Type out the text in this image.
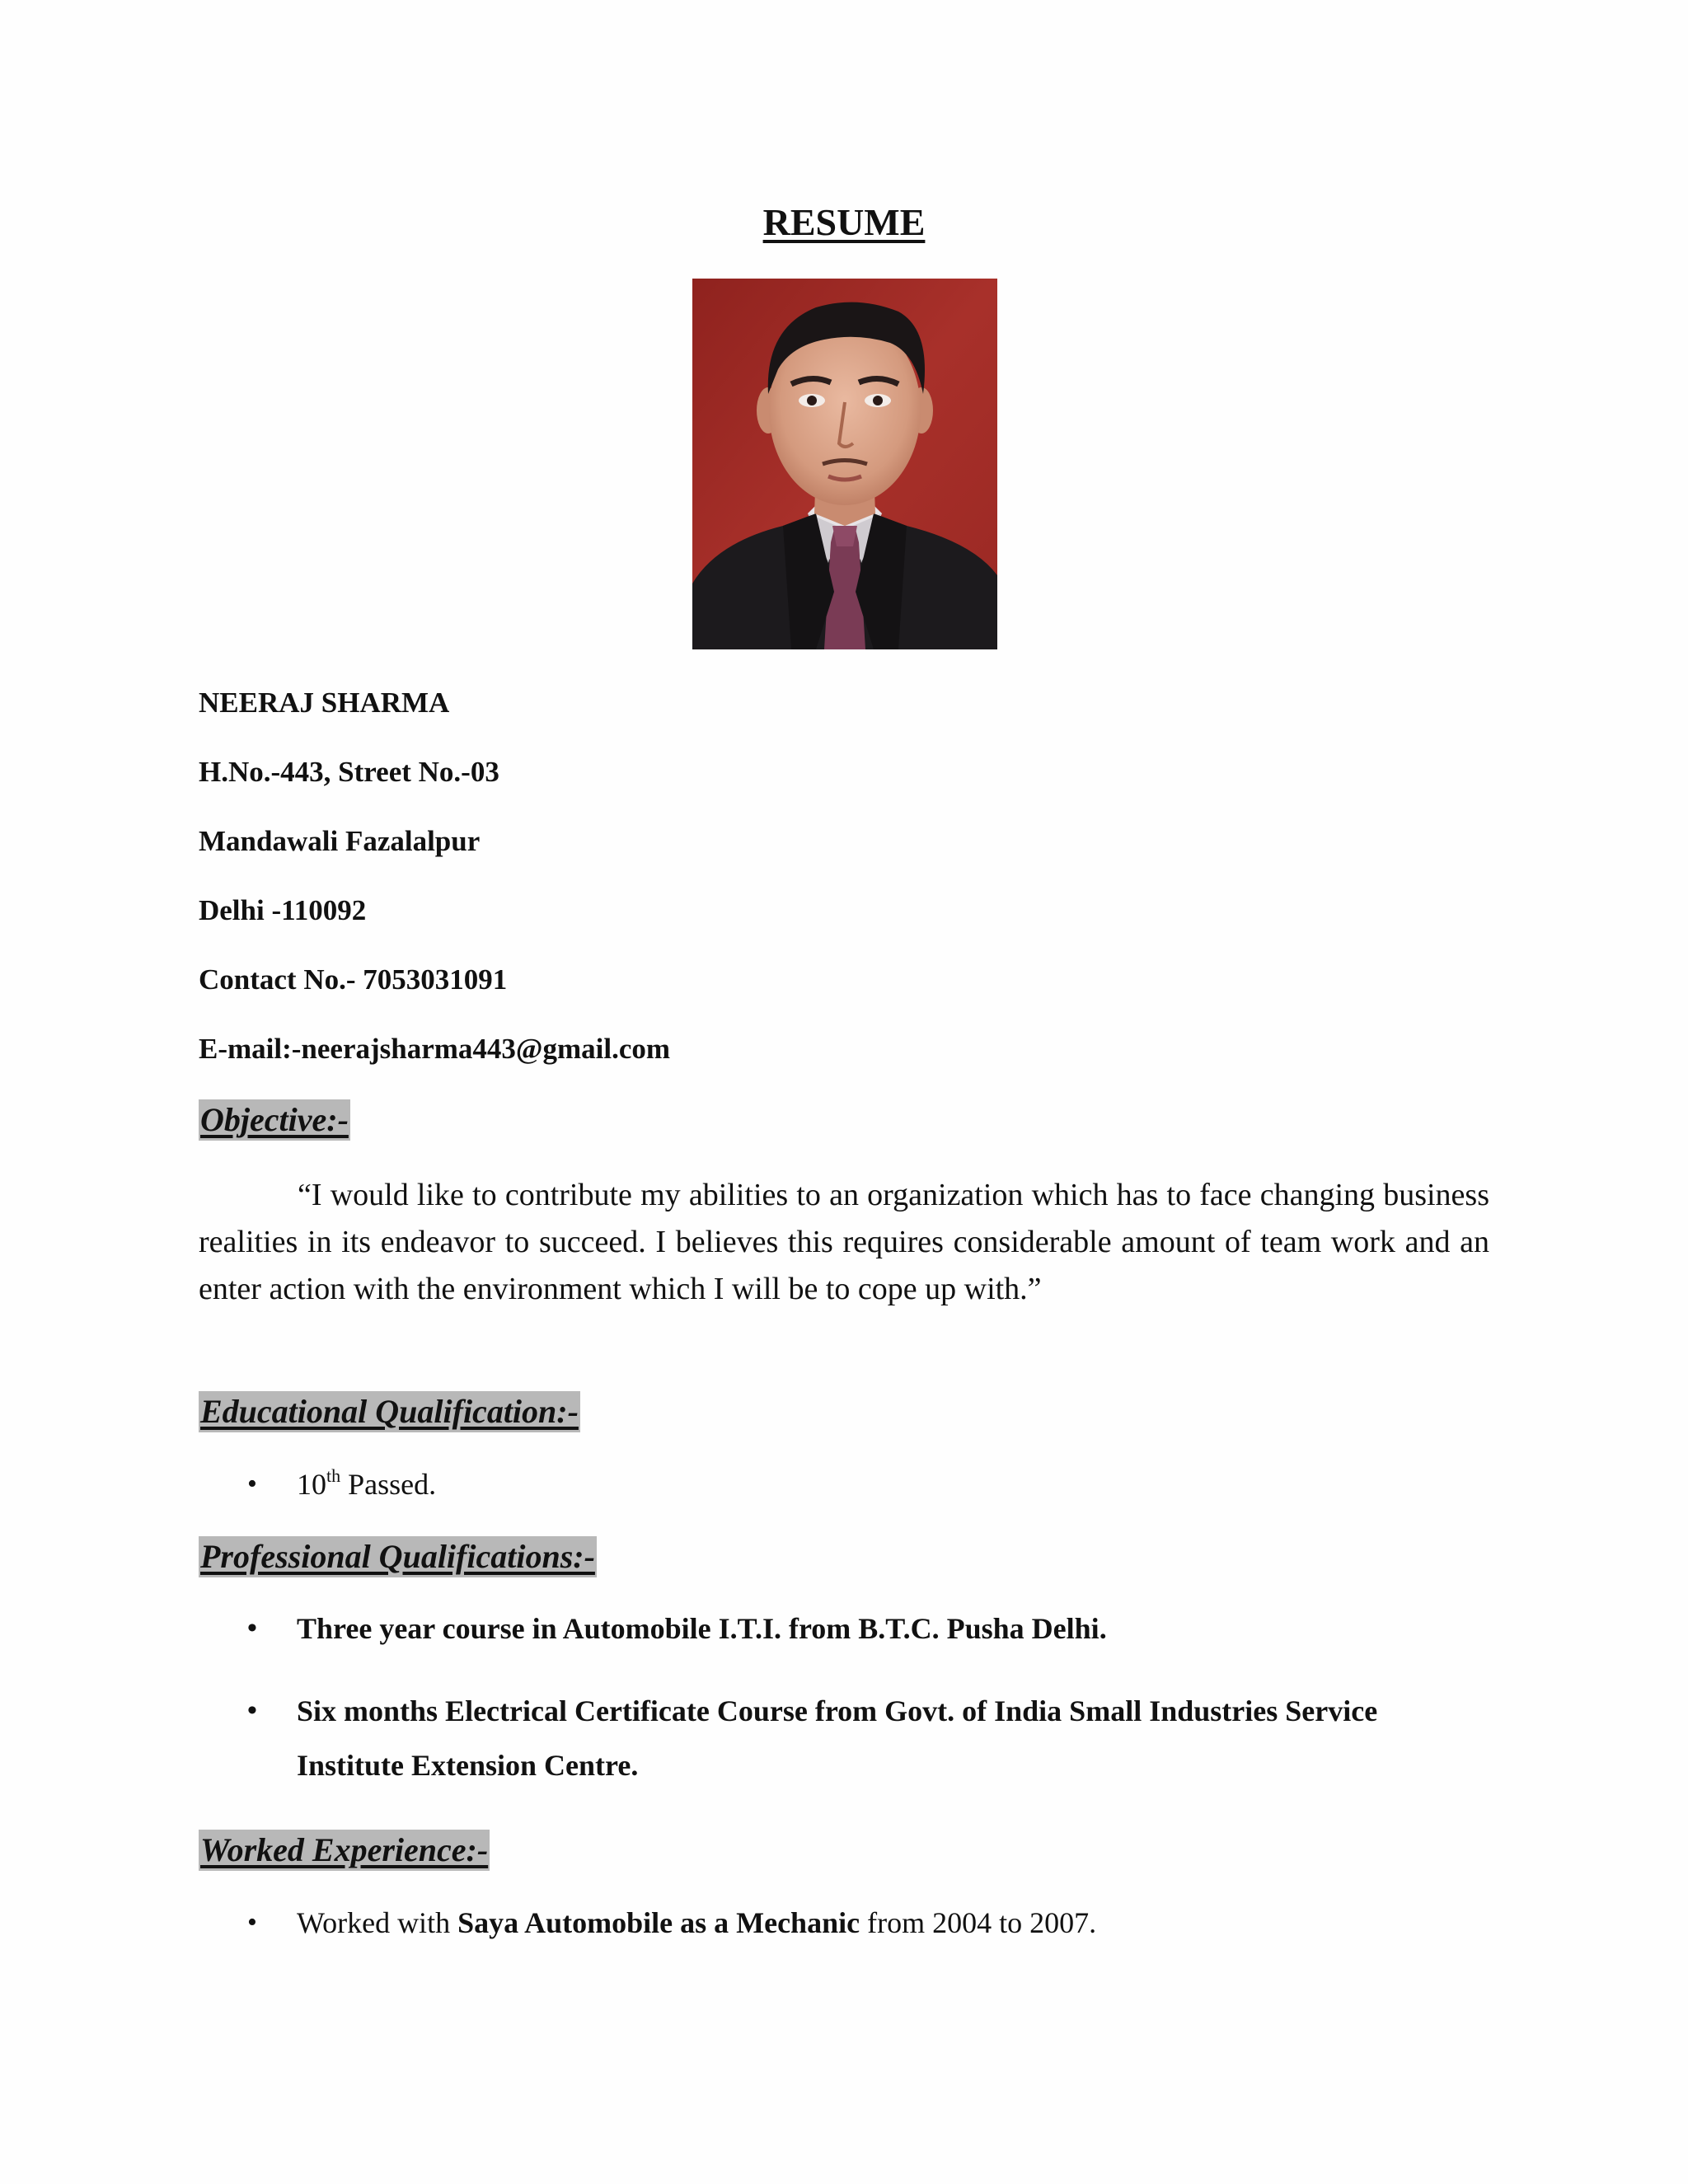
RESUME
NEERAJ SHARMA
H.No.-443, Street No.-03
Mandawali Fazalalpur
Delhi -110092
Contact No.- 7053031091
E-mail:-neerajsharma443@gmail.com
Objective:-
“I would like to contribute my abilities to an organization which has to face changing business realities in its endeavor to succeed. I believes this requires considerable amount of team work and an enter action with the environment which I will be to cope up with.”
Educational Qualification:-
•	10th Passed.
Professional Qualifications:-
•	Three year course in Automobile I.T.I. from B.T.C. Pusha Delhi.
•	Six months Electrical Certificate Course from Govt. of India Small Industries Service Institute Extension Centre.
Worked Experience:-
•	Worked with Saya Automobile as a Mechanic from 2004 to 2007.
